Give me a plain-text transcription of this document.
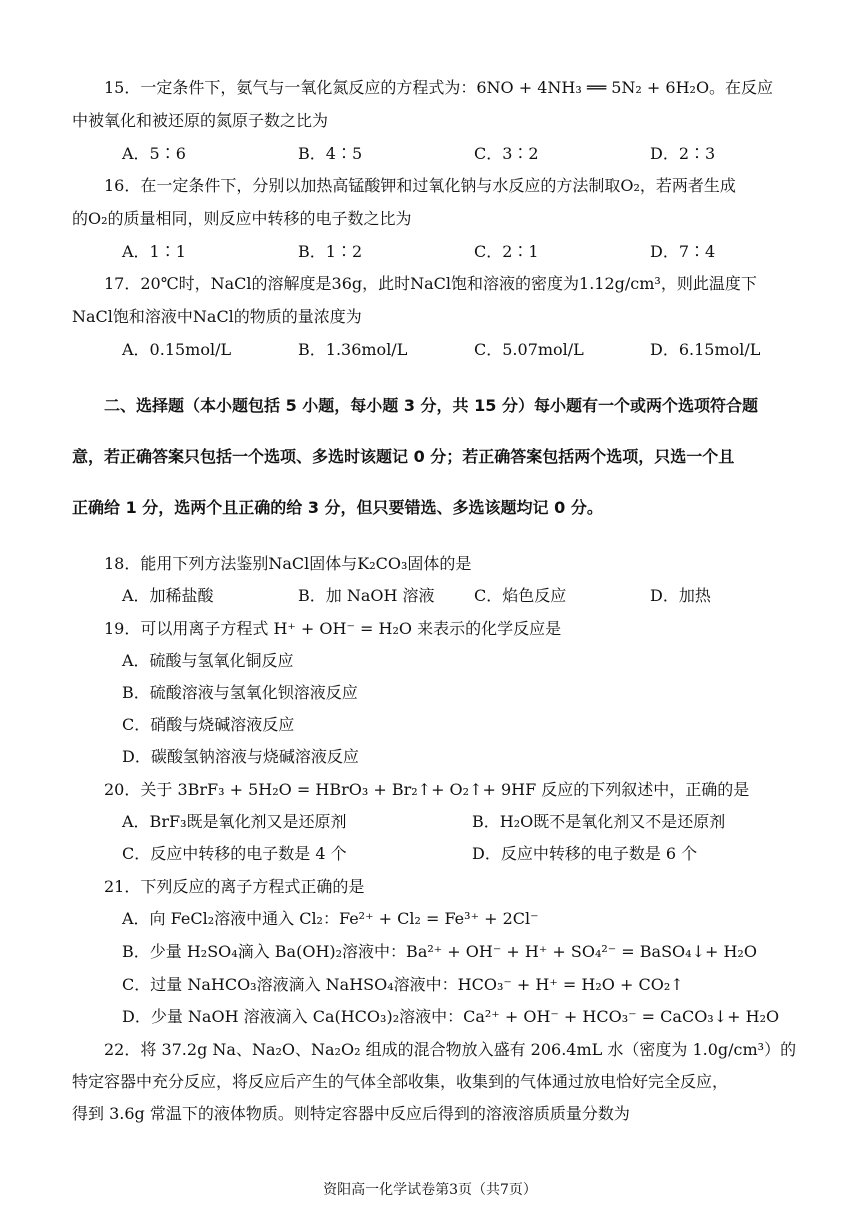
15．一定条件下，氨气与一氧化氮反应的方程式为：6NO + 4NH₃ ══ 5N₂ + 6H₂O。在反应
中被氧化和被还原的氮原子数之比为
A．5∶6	B．4∶5	C．3∶2	D．2∶3
16．在一定条件下，分别以加热高锰酸钾和过氧化钠与水反应的方法制取O₂，若两者生成
的O₂的质量相同，则反应中转移的电子数之比为
A．1∶1	B．1∶2	C．2∶1	D．7∶4
17．20℃时，NaCl的溶解度是36g，此时NaCl饱和溶液的密度为1.12g/cm³，则此温度下
NaCl饱和溶液中NaCl的物质的量浓度为
A．0.15mol/L	B．1.36mol/L	C．5.07mol/L	D．6.15mol/L
二、选择题（本小题包括 5 小题，每小题 3 分，共 15 分）每小题有一个或两个选项符合题
意，若正确答案只包括一个选项、多选时该题记 0 分；若正确答案包括两个选项，只选一个且
正确给 1 分，选两个且正确的给 3 分，但只要错选、多选该题均记 0 分。
18．能用下列方法鉴别NaCl固体与K₂CO₃固体的是
A．加稀盐酸	B．加 NaOH 溶液 C．焰色反应	D．加热
19．可以用离子方程式 H⁺ + OH⁻ = H₂O 来表示的化学反应是
A．硫酸与氢氧化铜反应
B．硫酸溶液与氢氧化钡溶液反应
C．硝酸与烧碱溶液反应
D．碳酸氢钠溶液与烧碱溶液反应
20．关于 3BrF₃ + 5H₂O = HBrO₃ + Br₂↑+ O₂↑+ 9HF 反应的下列叙述中，正确的是
A．BrF₃既是氧化剂又是还原剂	B．H₂O既不是氧化剂又不是还原剂
C．反应中转移的电子数是 4 个	D．反应中转移的电子数是 6 个
21．下列反应的离子方程式正确的是
A．向 FeCl₂溶液中通入 Cl₂：Fe²⁺ + Cl₂ = Fe³⁺ + 2Cl⁻
B．少量 H₂SO₄滴入 Ba(OH)₂溶液中：Ba²⁺ + OH⁻ + H⁺ + SO₄²⁻ = BaSO₄↓+ H₂O
C．过量 NaHCO₃溶液滴入 NaHSO₄溶液中：HCO₃⁻ + H⁺ = H₂O + CO₂↑
D．少量 NaOH 溶液滴入 Ca(HCO₃)₂溶液中：Ca²⁺ + OH⁻ + HCO₃⁻ = CaCO₃↓+ H₂O
22．将 37.2g Na、Na₂O、Na₂O₂ 组成的混合物放入盛有 206.4mL 水（密度为 1.0g/cm³）的
特定容器中充分反应，将反应后产生的气体全部收集，收集到的气体通过放电恰好完全反应，
得到 3.6g 常温下的液体物质。则特定容器中反应后得到的溶液溶质质量分数为
资阳高一化学试卷第3页（共7页）
